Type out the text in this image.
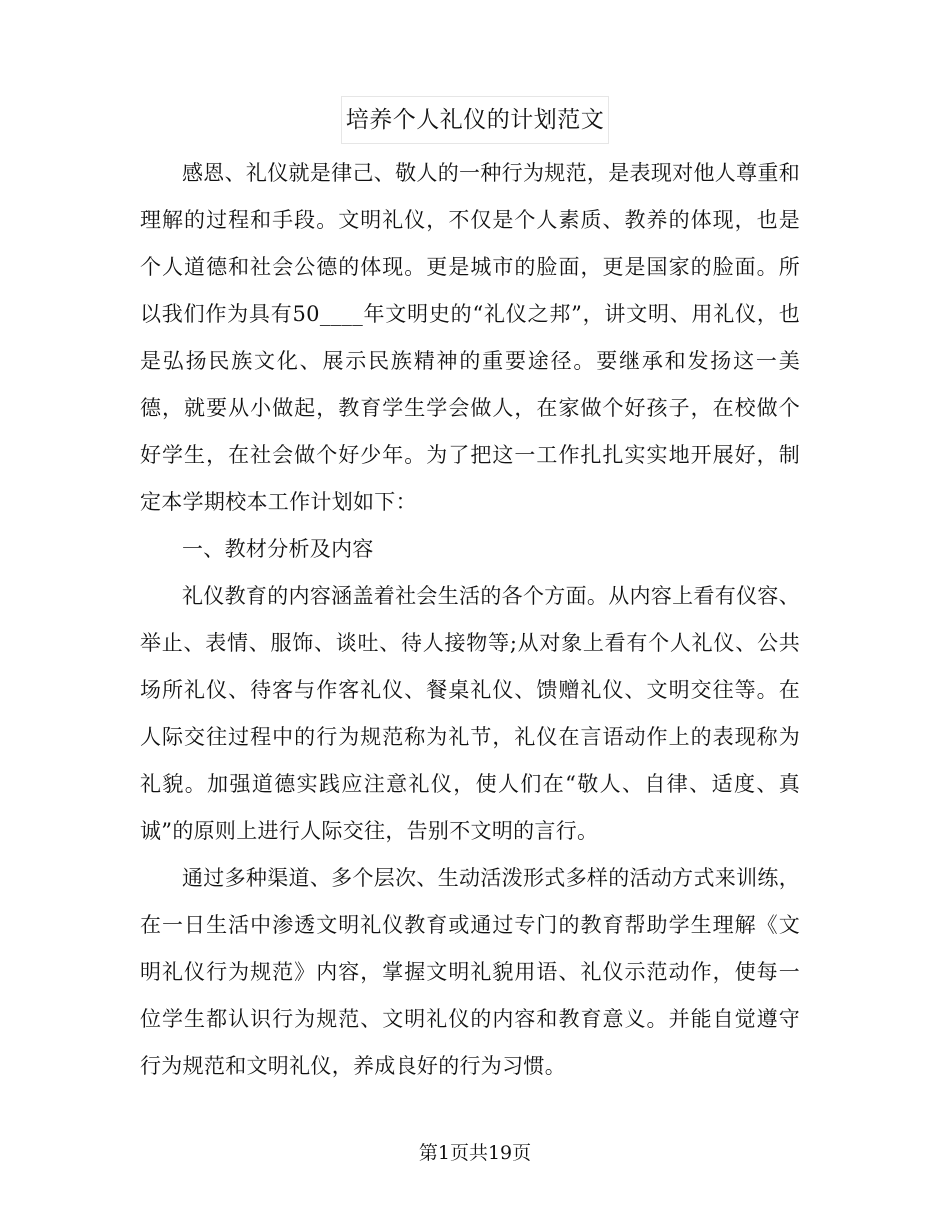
培养个人礼仪的计划范文

感恩、礼仪就是律己、敬人的一种行为规范，是表现对他人尊重和理解的过程和手段。文明礼仪，不仅是个人素质、教养的体现，也是个人道德和社会公德的体现。更是城市的脸面，更是国家的脸面。所以我们作为具有50____年文明史的“礼仪之邦”，讲文明、用礼仪，也是弘扬民族文化、展示民族精神的重要途径。要继承和发扬这一美德，就要从小做起，教育学生学会做人，在家做个好孩子，在校做个好学生，在社会做个好少年。为了把这一工作扎扎实实地开展好，制定本学期校本工作计划如下：

一、教材分析及内容

礼仪教育的内容涵盖着社会生活的各个方面。从内容上看有仪容、举止、表情、服饰、谈吐、待人接物等;从对象上看有个人礼仪、公共场所礼仪、待客与作客礼仪、餐桌礼仪、馈赠礼仪、文明交往等。在人际交往过程中的行为规范称为礼节，礼仪在言语动作上的表现称为礼貌。加强道德实践应注意礼仪，使人们在“敬人、自律、适度、真诚”的原则上进行人际交往，告别不文明的言行。

通过多种渠道、多个层次、生动活泼形式多样的活动方式来训练，在一日生活中渗透文明礼仪教育或通过专门的教育帮助学生理解《文明礼仪行为规范》内容，掌握文明礼貌用语、礼仪示范动作，使每一位学生都认识行为规范、文明礼仪的内容和教育意义。并能自觉遵守行为规范和文明礼仪，养成良好的行为习惯。

第1页共19页
